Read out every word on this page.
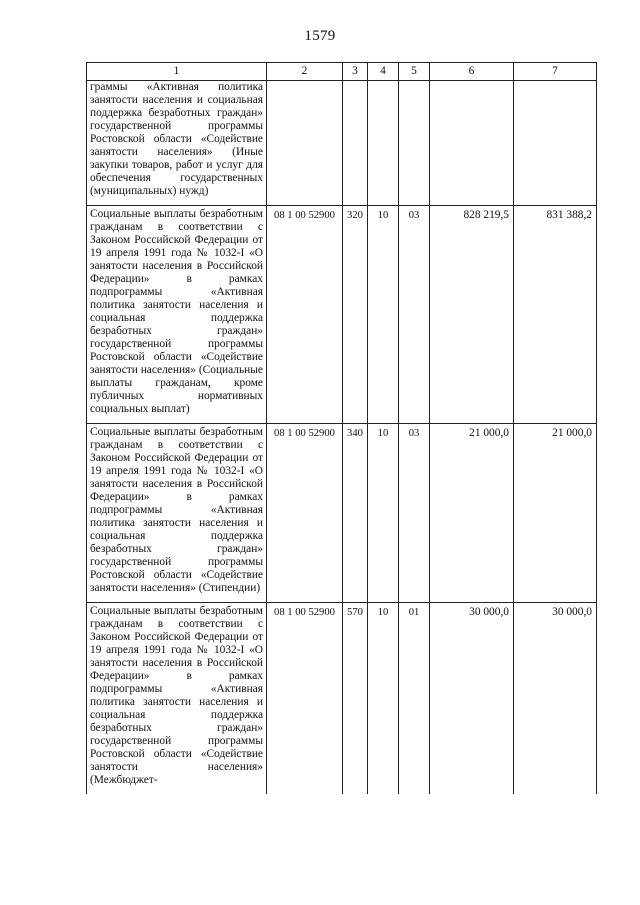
1579
1	2	3	4	5	6	7
граммы «Активная политика занятости населения и социальная поддержка безработных граждан» государственной программы Ростовской области «Содействие занятости населения» (Иные закупки товаров, работ и услуг для обеспечения государственных (муниципальных) нужд)						
Социальные выплаты безработным гражданам в соответствии с Законом Российской Федерации от 19 апреля 1991 года № 1032-I «О занятости населения в Российской Федерации» в рамках подпрограммы «Активная политика занятости населения и социальная поддержка безработных граждан» государственной программы Ростовской области «Содействие занятости населения» (Социальные выплаты гражданам, кроме публичных нормативных социальных выплат)	08 1 00 52900	320	10	03	828 219,5	831 388,2
Социальные выплаты безработным гражданам в соответствии с Законом Российской Федерации от 19 апреля 1991 года № 1032-I «О занятости населения в Российской Федерации» в рамках подпрограммы «Активная политика занятости населения и социальная поддержка безработных граждан» государственной программы Ростовской области «Содействие занятости населения» (Стипендии)	08 1 00 52900	340	10	03	21 000,0	21 000,0
Социальные выплаты безработным гражданам в соответствии с Законом Российской Федерации от 19 апреля 1991 года № 1032-I «О занятости населения в Российской Федерации» в рамках подпрограммы «Активная политика занятости населения и социальная поддержка безработных граждан» государственной программы Ростовской области «Содействие занятости населения» (Межбюджет-	08 1 00 52900	570	10	01	30 000,0	30 000,0
